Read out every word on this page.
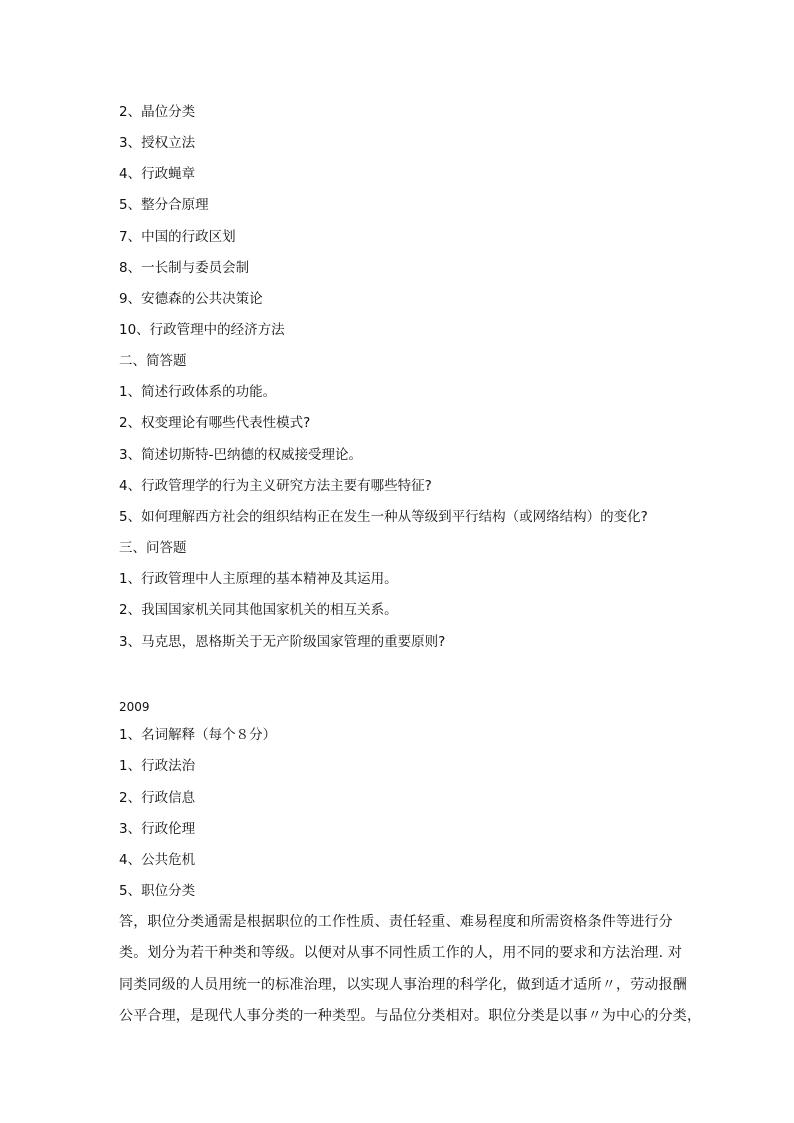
2、晶位分类
3、授权立法
4、行政蝇章
5、整分合原理
7、中国的行政区划
8、一长制与委员会制
9、安德森的公共决策论
10、行政管理中的经济方法
二、简答题
1、简述行政体系的功能。
2、权变理论有哪些代表性模式?
3、简述切斯特-巴纳德的权威接受理论。
4、行政管理学的行为主义研究方法主要有哪些特征?
5、如何理解西方社会的组织结构正在发生一种从等级到平行结构（或网络结构）的变化?
三、问答题
1、行政管理中人主原理的基本精神及其运用。
2、我国国家机关同其他国家机关的相互关系。
3、马克思，恩格斯关于无产阶级国家管理的重要原则?
2009
1、名词解释（每个８分）
1、行政法治
2、行政信息
3、行政伦理
4、公共危机
5、职位分类
答，职位分类通需是根据职位的工作性质、责任轻重、难易程度和所需资格条件等进行分
类。划分为若干种类和等级。以便对从事不同性质工作的人，用不同的要求和方法治理. 对
同类同级的人员用统一的标准治理，以实现人事治理的科学化，做到适才适所〃，劳动报酬
公平合理，是现代人事分类的一种类型。与品位分类相对。职位分类是以事〃为中心的分类，
